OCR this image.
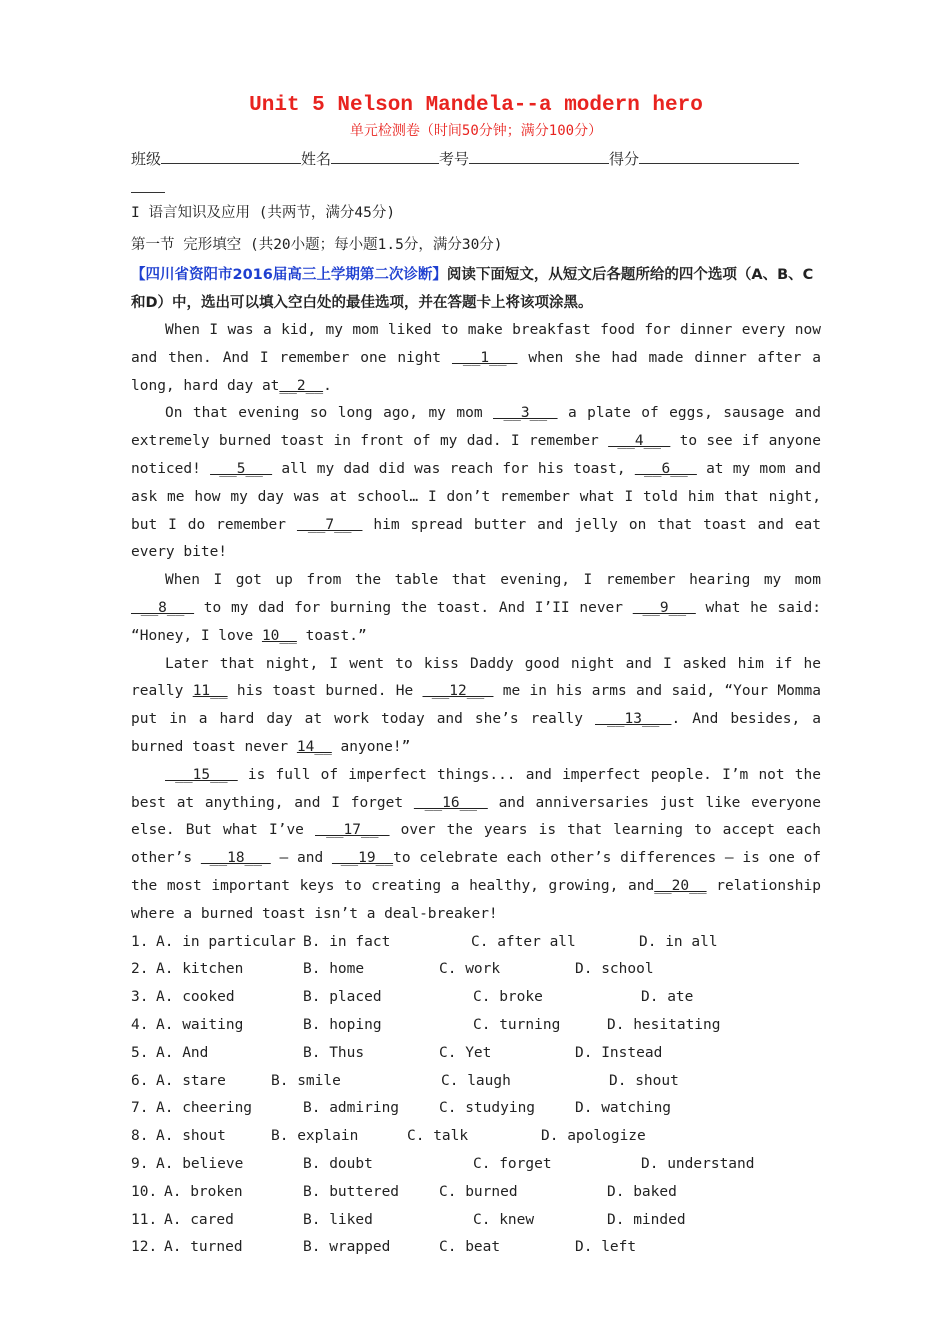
Unit 5 Nelson Mandela--a modern hero

单元检测卷（时间50分钟；满分100分）

班级	姓名	考号	得分

I 语言知识及应用 (共两节，满分45分)

第一节 完形填空 (共20小题；每小题1.5分，满分30分)

【四川省资阳市2016届高三上学期第二次诊断】阅读下面短文，从短文后各题所给的四个选项（A、B、C和D）中，选出可以填入空白处的最佳选项，并在答题卡上将该项涂黑。

When I was a kid, my mom liked to make breakfast food for dinner every now and then. And I remember one night  __1__  when she had made dinner after a long, hard day at__2__.

On that evening so long ago, my mom  __3__  a plate of eggs, sausage and extremely burned toast in front of my dad. I remember  __4__  to see if anyone noticed!  __5__  all my dad did was reach for his toast,  __6__  at my mom and ask me how my day was at school… I don’t remember what I told him that night, but I do remember  __7__  him spread butter and jelly on that toast and eat every bite!

When I got up from the table that evening, I remember hearing my mom  __8__  to my dad for burning the toast. And I’II never  __9__  what he said: “Honey, I love 10__ toast.”

Later that night, I went to kiss Daddy good night and I asked him if he really 11__ his toast burned. He  __12__  me in his arms and said, “Your Momma put in a hard day at work today and she’s really  __13__ . And besides, a burned toast never 14__ anyone!”

__15__  is full of imperfect things... and imperfect people. I’m not the best at anything, and I forget  __16__  and anniversaries just like everyone else. But what I’ve  __17__  over the years is that learning to accept each other’s  __18__  – and  __19__to celebrate each other’s differences – is one of the most important keys to creating a healthy, growing, and__20__ relationship where a burned toast isn’t a deal-breaker!

1. A. in particular B. in fact	C. after all	D. in all
2. A. kitchen	B. home	C. work	D. school
3. A. cooked	B. placed	C. broke	D. ate
4. A. waiting	B. hoping	C. turning	D. hesitating
5. A. And	B. Thus	C. Yet	D. Instead
6. A. stare	B. smile	C. laugh	D. shout
7. A. cheering	B. admiring	C. studying	D. watching
8. A. shout	B. explain	C. talk	D. apologize
9. A. believe	B. doubt	C. forget	D. understand
10. A. broken	B. buttered	C. burned	D. baked
11. A. cared	B. liked	C. knew	D. minded
12. A. turned	B. wrapped	C. beat	D. left
